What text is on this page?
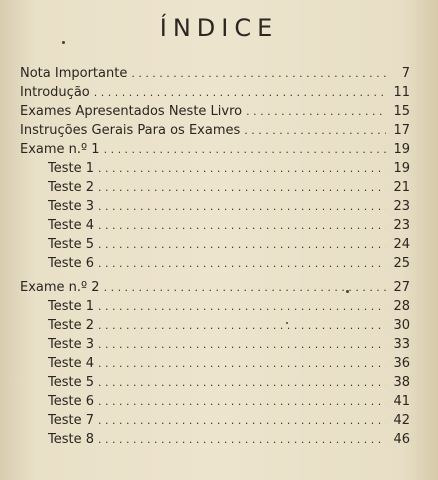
ÍNDICE
Nota Importante . . .	7
Introdução . . .	11
Exames Apresentados Neste Livro . . .	15
Instruções Gerais Para os Exames . . .	17
Exame n.º 1 . . .	19
Teste 1 . . .	19
Teste 2 . . .	21
Teste 3 . . .	23
Teste 4 . . .	23
Teste 5 . . .	24
Teste 6 . . .	25
Exame n.º 2 . . .	27
Teste 1 . . .	28
Teste 2 . . .	30
Teste 3 . . .	33
Teste 4 . . .	36
Teste 5 . . .	38
Teste 6 . . .	41
Teste 7 . . .	42
Teste 8 . . .	46
